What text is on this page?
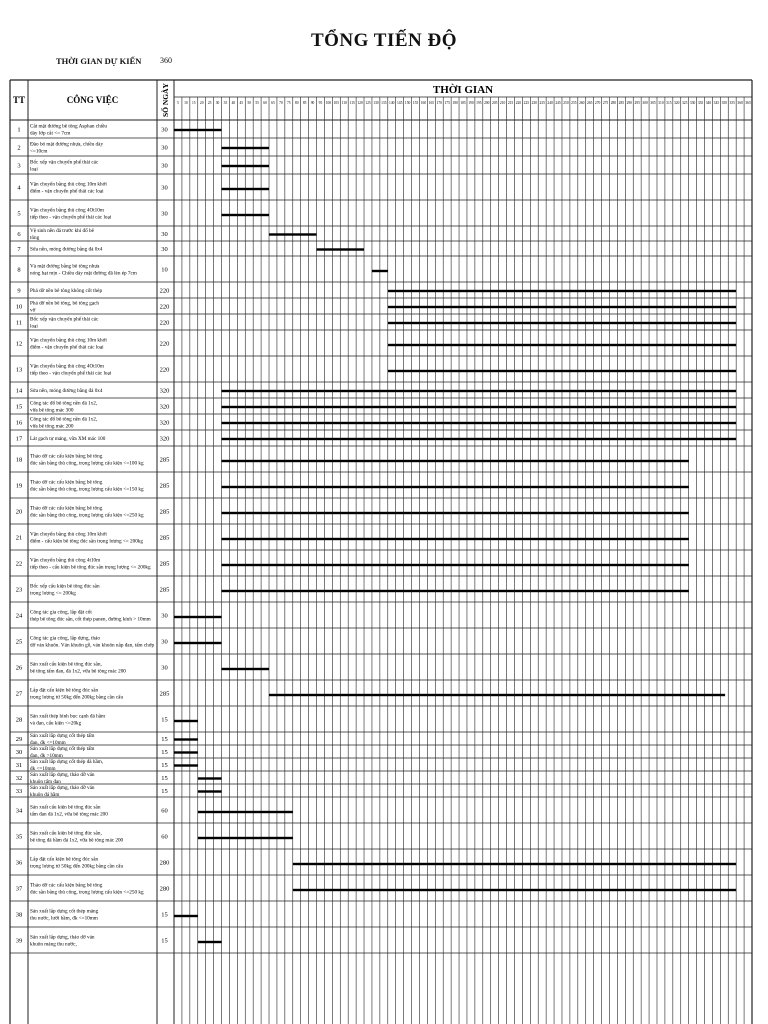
TỔNG TIẾN ĐỘ
THỜI GIAN DỰ KIẾN 360
TT	CÔNG VIỆC	SỐ NGÀY	THỜI GIAN
5 10 15 20 25 30 35 40 45 50 55 60 65 70 75 80 85 90 95 100 105 110 115 120 125 130 135 140 145 150 155 160 165 170 175 180 185 190 195 200 205 210 215 220 225 230 235 240 245 250 255 260 265 270 275 280 285 290 295 300 305 310 315 320 325 330 335 340 345 350 355 360 365
1 Cắt mặt đường bê tông Asphan chiều dày lớp cắt <= 7cm	30
2 Đào bỏ mặt đường nhựa, chiều dày <=10cm	30
3 Bốc xếp vận chuyển phế thải các loại	30
4 Vận chuyển bằng thủ công 10m khởi điểm - vận chuyển phế thải các loại	30
5 Vận chuyển bằng thủ công 4Ot10m tiếp theo - vận chuyển phế thải các loại	30
6 Vệ sinh nền đá trước khi đổ bê tông	30
7 Sửa nền, móng đường bằng đá 0x4	30
8 Và mặt đường bằng bê tông nhựa nóng hạt mịn - Chiều dày mặt đường đã lèn ép 7cm	10
9 Phá dỡ nền bê tông không cốt thép	220
10 Phá dỡ nền bê tông, bê tông gạch vỡ	220
11 Bốc xếp vận chuyển phế thải các loại	220
12 Vận chuyển bằng thủ công 10m khởi điểm - vận chuyển phế thải các loại	220
13 Vận chuyển bằng thủ công 4Ot10m tiếp theo - vận chuyển phế thải các loại	220
14 Sửa nền, móng đường bằng đá 0x4	320
15 Công tác đổ bê tông nền đá 1x2, vữa bê tông mác 300	320
16 Công tác đổ bê tông nền đá 1x2, vữa bê tông mác 200	320
17 Lát gạch tự mảng, vữa XM mác 100	320
18 Tháo dỡ các cấu kiện bằng bê tông đúc sẵn bằng thủ công, trọng lượng cấu kiện <=100 kg 285
19 Tháo dỡ các cấu kiện bằng bê tông đúc sẵn bằng thủ công, trọng lượng cấu kiện <=150 kg 285
20 Tháo dỡ các cấu kiện bằng bê tông đúc sẵn bằng thủ công, trọng lượng cấu kiện <=250 kg 285
21 Vận chuyển bằng thủ công 10m khởi điểm - cấu kiện bê tông đúc sẵn trọng lượng <= 200kg	285
22 Vận chuyển bằng thủ công 4t10m tiếp theo - cấu kiện bê tông đúc sẵn trọng lượng <= 200kg 285
23 Bốc xếp cấu kiện bê tông đúc sẵn trọng lượng <= 200kg	285
24 Công tác gia công, lắp đặt cốt thép bê tông đúc sẵn, cốt thép panen, đường kính > 10mm 30
25 Công tác gia công, lắp dựng, tháo dỡ ván khuôn. Ván khuôn gỗ, ván khuôn nắp đan, tấm chớp 30
26 Sản xuất cấu kiện bê tông đúc sẵn, bê tông tấm đan, đá 1x2, vữa bê tông mác 200	30
27 Lắp đặt cấu kiện bê tông đúc sẵn trọng lượng từ 50kg đến 200kg bằng cần cẩu	285
28 Sản xuất thép hình bọc cạnh đá hầm và đan, cấu kiện <=20kg	15
29 Sản xuất lắp dựng cốt thép tấm đan, đk <=10mm	15
30 Sản xuất lắp dựng cốt thép tấm đan, đk >10mm	15
31 Sản xuất lắp dựng cốt thép đá hầm, đk <=10mm	15
32 Sản xuất lắp dựng, tháo dỡ ván khuôn tấm đan	15
33 Sản xuất lắp dựng, tháo dỡ ván khuôn đá hầm	15
34 Sản xuất cấu kiện bê tông đúc sẵn tấm đan đá 1x2, vữa bê tông mác 200	60
35 Sản xuất cấu kiện bê tông đúc sẵn, bê tông đá hầm đá 1x2, vữa bê tông mác 200	60
36 Lắp đặt cấu kiện bê tông đúc sẵn trọng lượng từ 50kg đến 200kg bằng cần cẩu	280
37 Tháo dỡ các cấu kiện bằng bê tông đúc sẵn bằng thủ công, trọng lượng cấu kiện <=250 kg 280
38 Sản xuất lắp dựng cốt thép mảng thu nước, lưới hầm, đk <=10mm	15
39 Sản xuất lắp dựng, tháo dỡ ván khuôn mảng thu nước,	15
